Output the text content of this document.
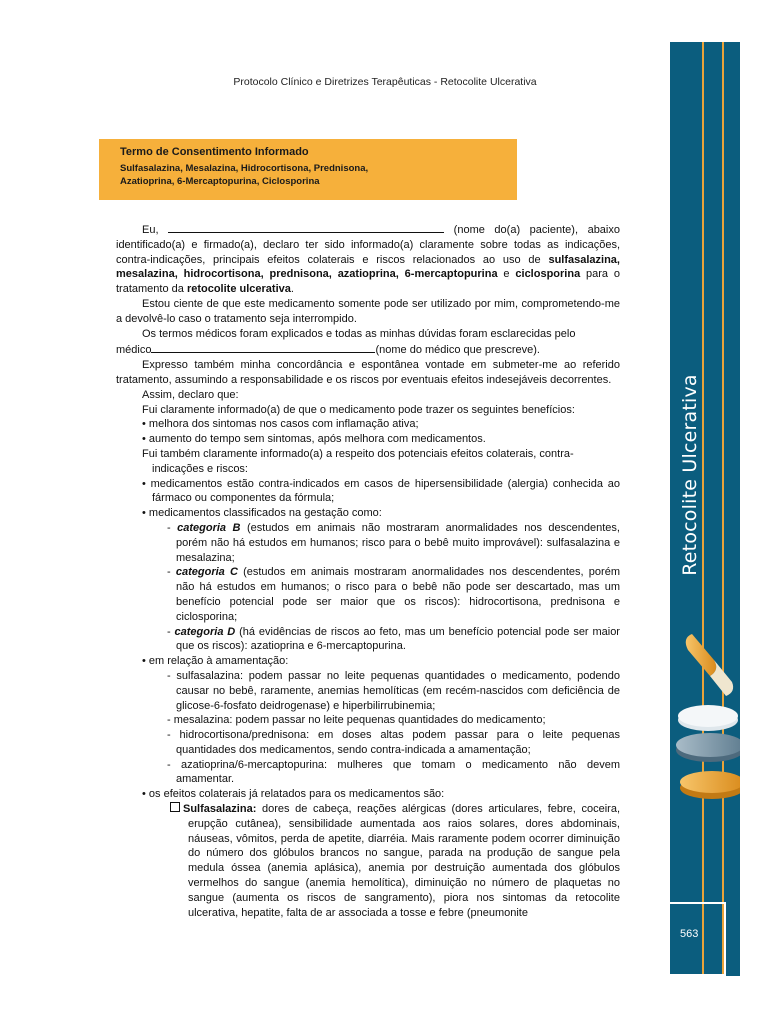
Protocolo Clínico e Diretrizes Terapêuticas - Retocolite Ulcerativa
Retocolite Ulcerativa
563
Termo de Consentimento Informado
Sulfasalazina, Mesalazina, Hidrocortisona, Prednisona,
Azatioprina, 6-Mercaptopurina, Ciclosporina

Eu,	(nome do(a) paciente), abaixo identificado(a) e firmado(a), declaro ter sido informado(a) claramente sobre todas as indicações, contra-indicações, principais efeitos colaterais e riscos relacionados ao uso de sulfasalazina, mesalazina, hidrocortisona, prednisona, azatioprina, 6-mercaptopurina e ciclosporina para o tratamento da retocolite ulcerativa.

Estou ciente de que este medicamento somente pode ser utilizado por mim, comprometendo-me a devolvê-lo caso o tratamento seja interrompido.

Os termos médicos foram explicados e todas as minhas dúvidas foram esclarecidas pelo

médico	(nome do médico que prescreve).

Expresso também minha concordância e espontânea vontade em submeter-me ao referido tratamento, assumindo a responsabilidade e os riscos por eventuais efeitos indesejáveis decorrentes.

Assim, declaro que:

Fui claramente informado(a) de que o medicamento pode trazer os seguintes benefícios:

• melhora dos sintomas nos casos com inflamação ativa;

• aumento do tempo sem sintomas, após melhora com medicamentos.

Fui também claramente informado(a) a respeito dos potenciais efeitos colaterais, contra-

indicações e riscos:

• medicamentos estão contra-indicados em casos de hipersensibilidade (alergia) conhecida ao fármaco ou componentes da fórmula;

• medicamentos classificados na gestação como:

- categoria B (estudos em animais não mostraram anormalidades nos descendentes, porém não há estudos em humanos; risco para o bebê muito improvável): sulfasalazina e mesalazina;

- categoria C (estudos em animais mostraram anormalidades nos descendentes, porém não há estudos em humanos; o risco para o bebê não pode ser descartado, mas um benefício potencial pode ser maior que os riscos): hidrocortisona, prednisona e ciclosporina;

- categoria D (há evidências de riscos ao feto, mas um benefício potencial pode ser maior que os riscos): azatioprina e 6-mercaptopurina.

• em relação à amamentação:

- sulfasalazina: podem passar no leite pequenas quantidades o medicamento, podendo causar no bebê, raramente, anemias hemolíticas (em recém-nascidos com deficiência de glicose-6-fosfato deidrogenase) e hiperbilirrubinemia;

- mesalazina: podem passar no leite pequenas quantidades do medicamento;

- hidrocortisona/prednisona: em doses altas podem passar para o leite pequenas quantidades dos medicamentos, sendo contra-indicada a amamentação;

- azatioprina/6-mercaptopurina: mulheres que tomam o medicamento não devem amamentar.

• os efeitos colaterais já relatados para os medicamentos são:

Sulfasalazina: dores de cabeça, reações alérgicas (dores articulares, febre, coceira, erupção cutânea), sensibilidade aumentada aos raios solares, dores abdominais, náuseas, vômitos, perda de apetite, diarréia. Mais raramente podem ocorrer diminuição do número dos glóbulos brancos no sangue, parada na produção de sangue pela medula óssea (anemia aplásica), anemia por destruição aumentada dos glóbulos vermelhos do sangue (anemia hemolítica), diminuição no número de plaquetas no sangue (aumenta os riscos de sangramento), piora nos sintomas da retocolite ulcerativa, hepatite, falta de ar associada a tosse e febre (pneumonite
